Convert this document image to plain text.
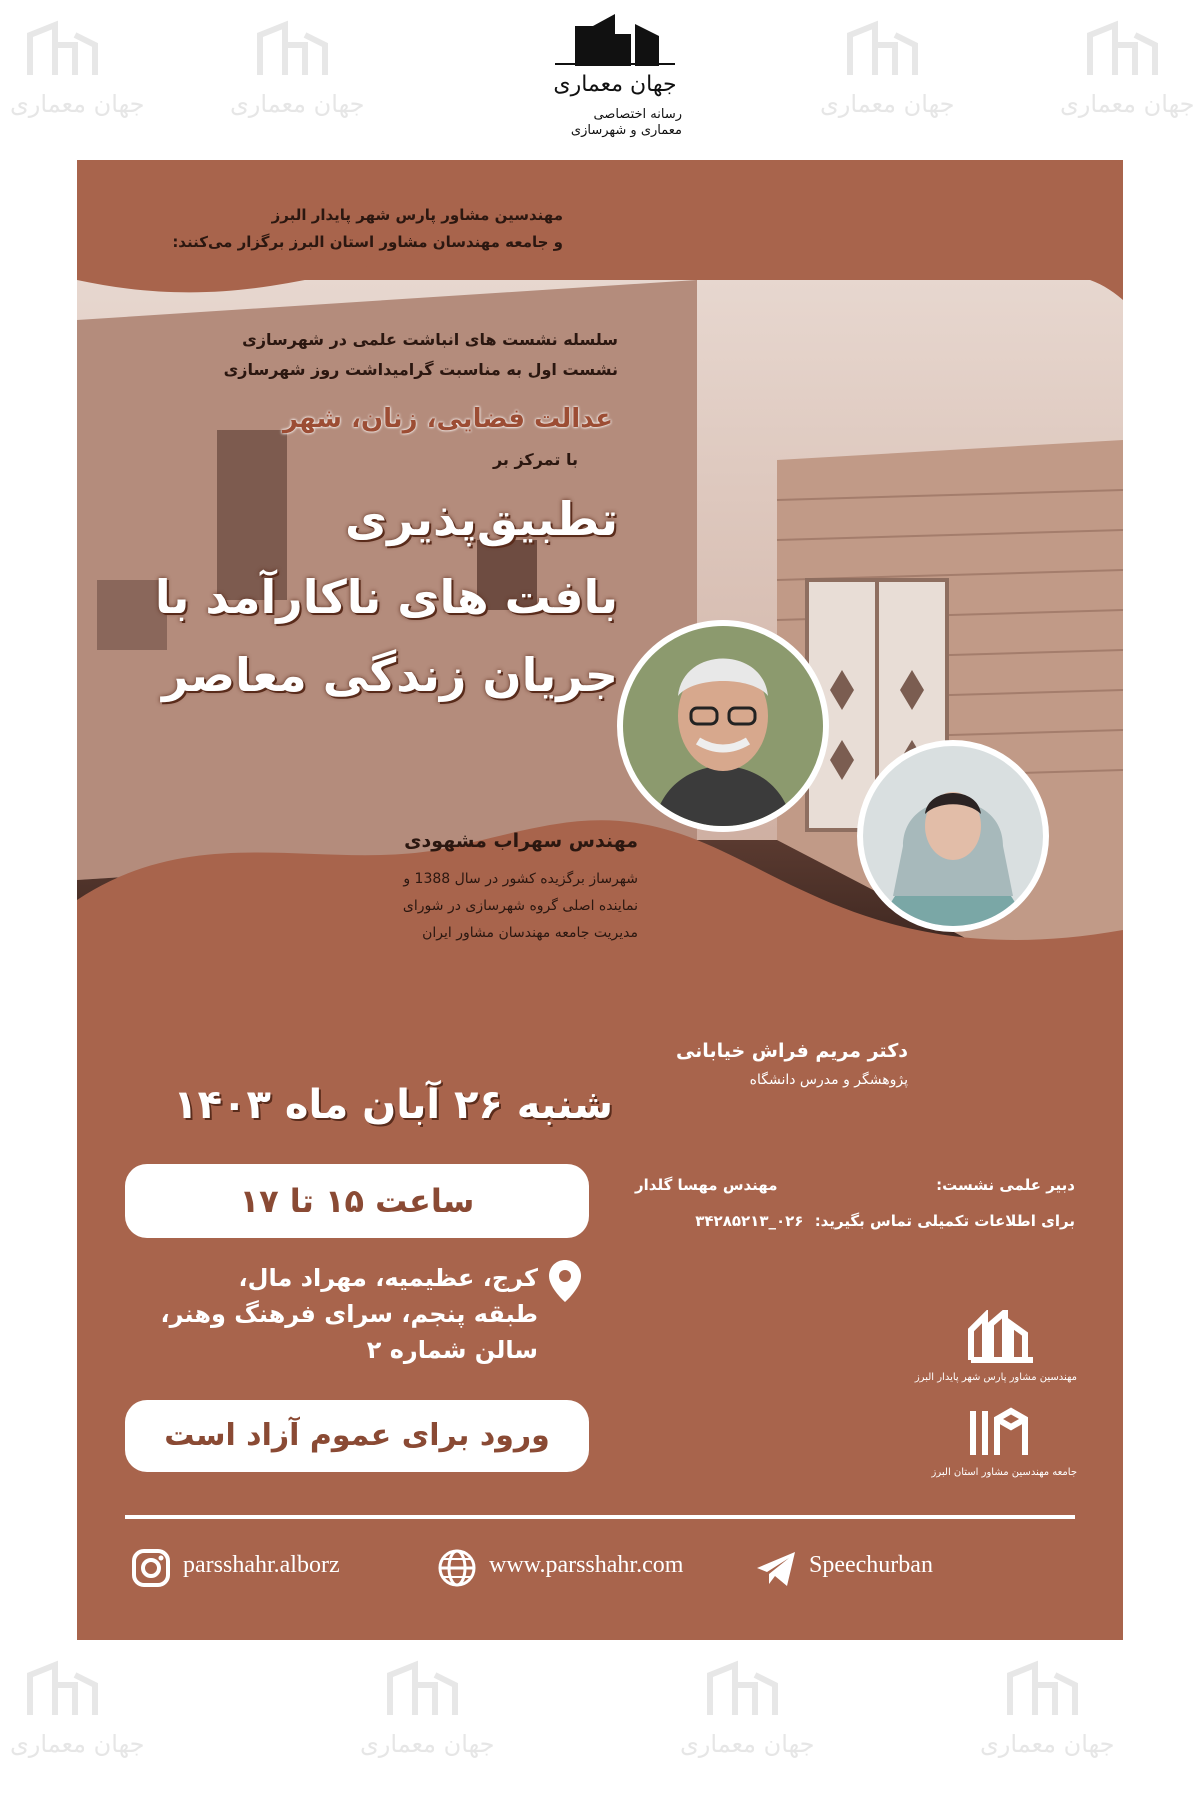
جهان معماری	جهان معماری	جهان معماری	جهان معماری
جهان معماری	جهان معماری	جهان معماری	جهان معماری
جهان معماری
رسانه اختصاصی
معماری و شهرسازی
مهندسین مشاور پارس شهر پایدار البرز
و جامعه مهندسان مشاور استان البرز برگزار می‌کنند:
سلسله نشست های انباشت علمی در شهرسازی
نشست اول به مناسبت گرامیداشت روز شهرسازی
عدالت فضایی، زنان، شهر
با تمرکز بر
تطبیق‌پذیری
بافت های ناکارآمد با
جریان زندگی معاصر
مهندس سهراب مشهودی
شهرساز برگزیده کشور در سال 1388 و
نماینده اصلی گروه شهرسازی در شورای
مدیریت جامعه مهندسان مشاور ایران
دکتر مریم فراش خیابانی
پژوهشگر و مدرس دانشگاه
شنبه ۲۶ آبان ماه ۱۴۰۳
ساعت ۱۵ تا ۱۷	دبیر علمی نشست:
مهندس مهسا گلدار
برای اطلاعات تکمیلی تماس بگیرید: ۰۲۶_۳۴۲۸۵۲۱۳
کرج، عظیمیه، مهراد مال،
طبقه پنجم، سرای فرهنگ وهنر،
سالن شماره ۲
ورود برای عموم آزاد است
مهندسین مشاور پارس شهر پایدار البرز
جامعه مهندسین مشاور استان البرز
parsshahr.alborz	www.parsshahr.com	Speechurban
